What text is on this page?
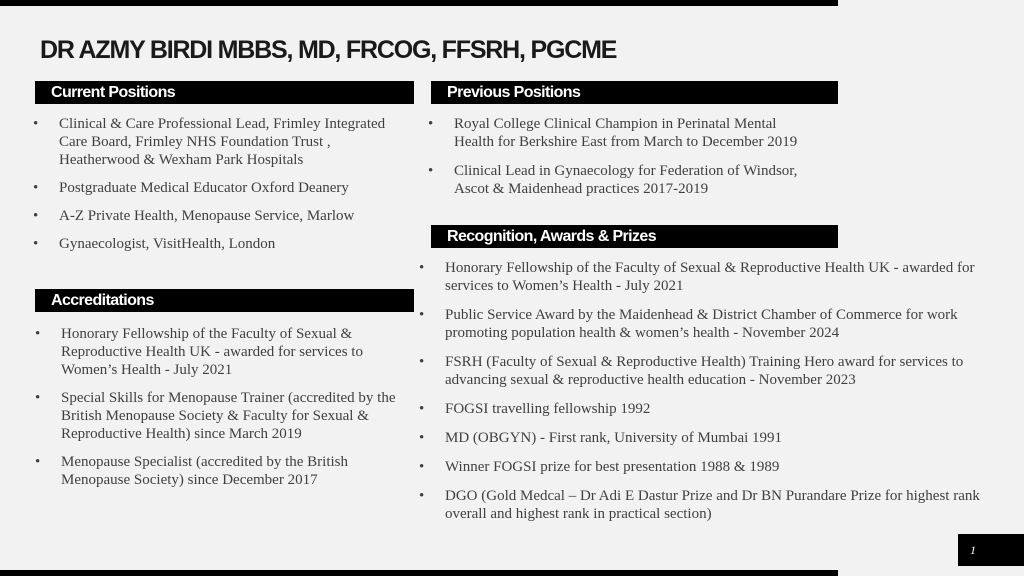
DR AZMY BIRDI MBBS, MD, FRCOG, FFSRH, PGCME
Current Positions
• Clinical & Care Professional Lead, Frimley Integrated Care Board, Frimley NHS Foundation Trust , Heatherwood & Wexham Park Hospitals
• Postgraduate Medical Educator Oxford Deanery
• A-Z Private Health, Menopause Service, Marlow
• Gynaecologist, VisitHealth, London
Accreditations
• Honorary Fellowship of the Faculty of Sexual & Reproductive Health UK - awarded for services to Women’s Health - July 2021
• Special Skills for Menopause Trainer (accredited by the British Menopause Society & Faculty for Sexual & Reproductive Health) since March 2019
• Menopause Specialist (accredited by the British Menopause Society) since December 2017
Previous Positions
• Royal College Clinical Champion in Perinatal Mental Health for Berkshire East from March to December 2019
• Clinical Lead in Gynaecology for Federation of Windsor, Ascot & Maidenhead practices 2017-2019
Recognition, Awards & Prizes
• Honorary Fellowship of the Faculty of Sexual & Reproductive Health UK - awarded for services to Women’s Health - July 2021
• Public Service Award by the Maidenhead & District Chamber of Commerce for work promoting population health & women’s health - November 2024
• FSRH (Faculty of Sexual & Reproductive Health) Training Hero award for services to advancing sexual & reproductive health education - November 2023
• FOGSI travelling fellowship 1992
• MD (OBGYN) - First rank, University of Mumbai 1991
• Winner FOGSI prize for best presentation 1988 & 1989
• DGO (Gold Medcal – Dr Adi E Dastur Prize and Dr BN Purandare Prize for highest rank overall and highest rank in practical section)
1
